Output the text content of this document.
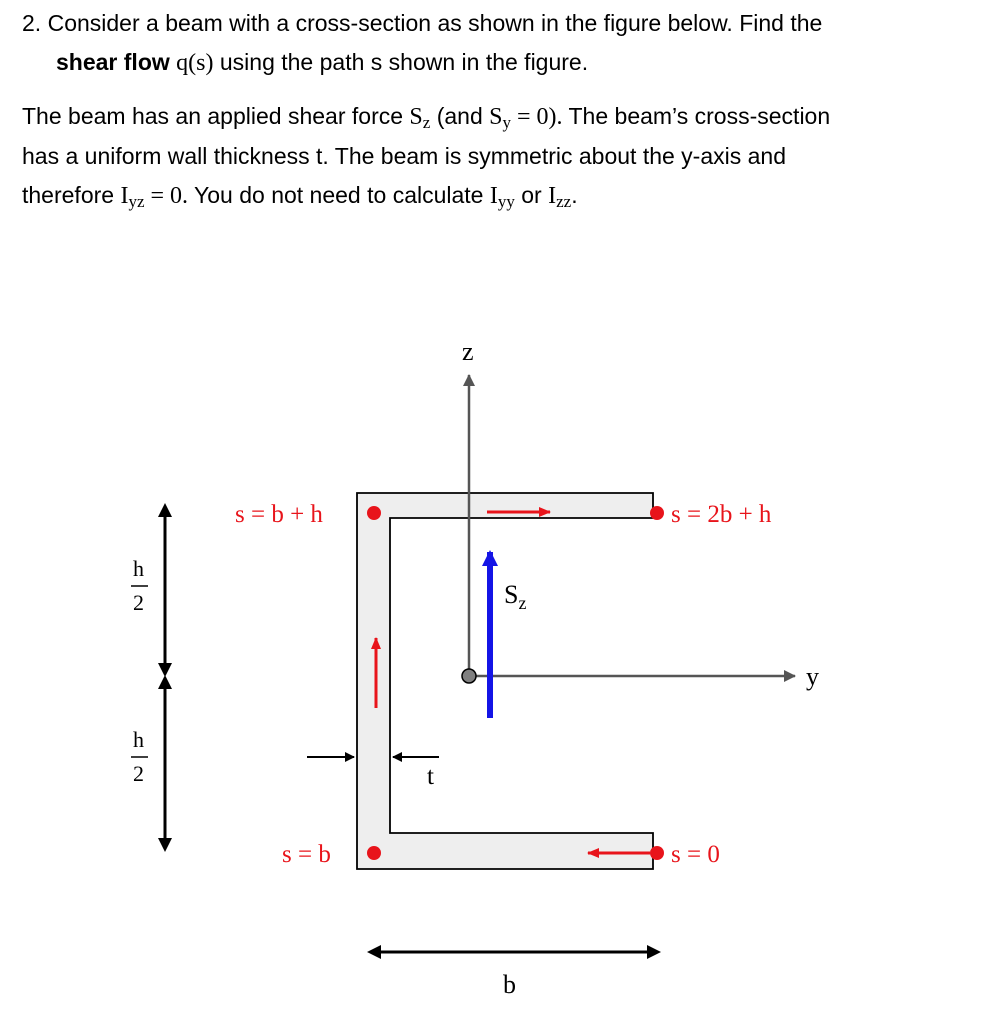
2. Consider a beam with a cross-section as shown in the figure below. Find the

shear flow q(s) using the path s shown in the figure.

The beam has an applied shear force $S_z$ (and $S_y = 0$). The beam’s cross-section

has a uniform wall thickness t. The beam is symmetric about the y-axis and

therefore $I_{yz} = 0$. You do not need to calculate $I_{yy}$ or $I_{zz}$.

z
y
$S_z$
s = b + h	s = 2b + h
s = b	s = 0
t
b
h
2
h
2
